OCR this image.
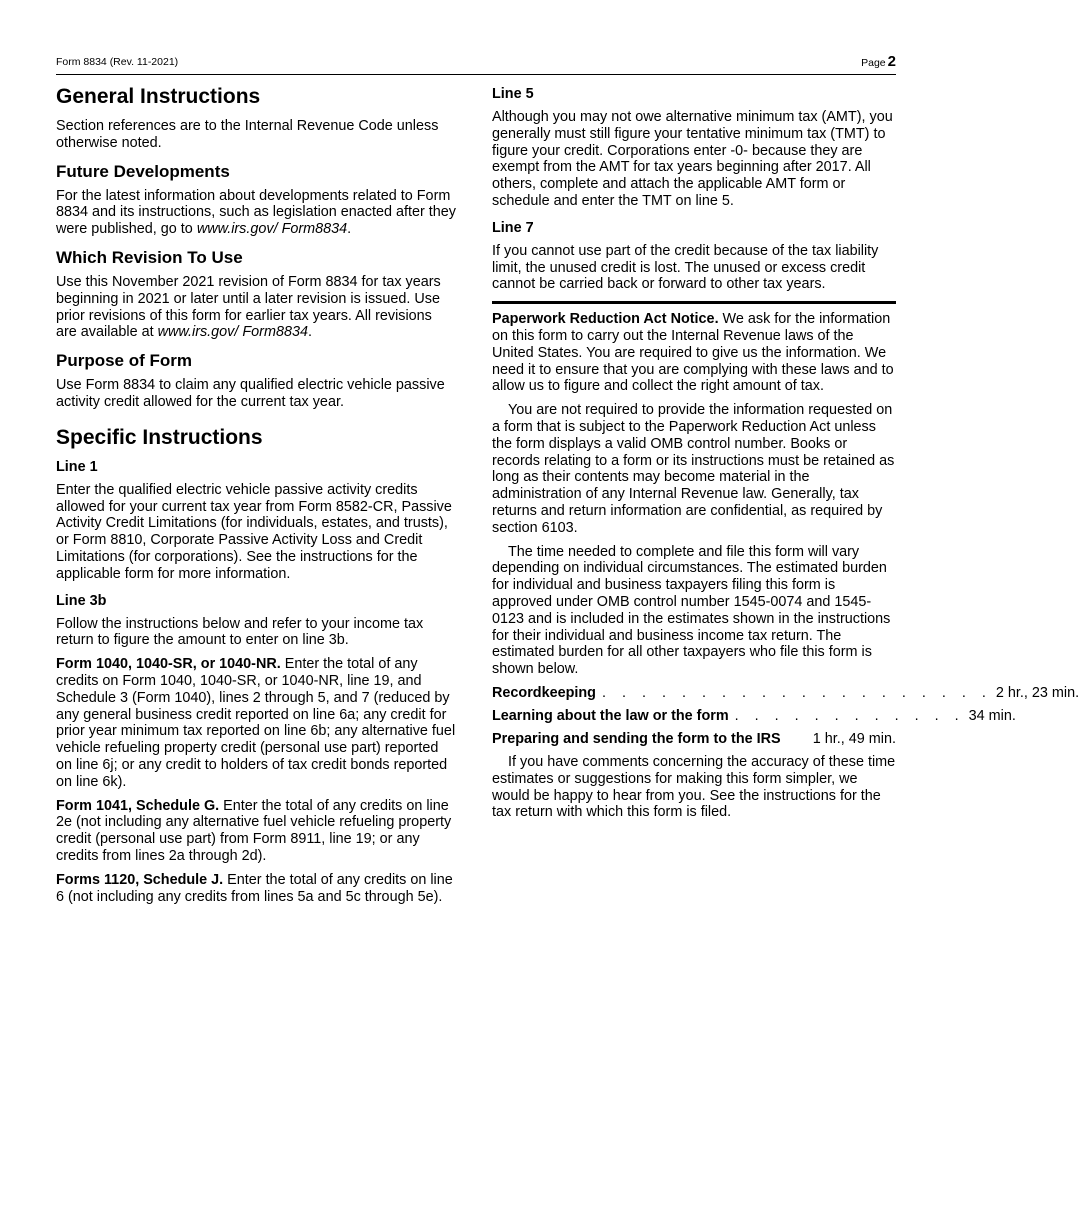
Form 8834 (Rev. 11-2021)	Page 2
General Instructions

Section references are to the Internal Revenue Code unless otherwise noted.

Future Developments

For the latest information about developments related to Form 8834 and its instructions, such as legislation enacted after they were published, go to www.irs.gov/ Form8834.

Which Revision To Use

Use this November 2021 revision of Form 8834 for tax years beginning in 2021 or later until a later revision is issued. Use prior revisions of this form for earlier tax years. All revisions are available at www.irs.gov/ Form8834.

Purpose of Form

Use Form 8834 to claim any qualified electric vehicle passive activity credit allowed for the current tax year.

Specific Instructions
Line 1

Enter the qualified electric vehicle passive activity credits allowed for your current tax year from Form 8582-CR, Passive Activity Credit Limitations (for individuals, estates, and trusts), or Form 8810, Corporate Passive Activity Loss and Credit Limitations (for corporations). See the instructions for the applicable form for more information.

Line 3b

Follow the instructions below and refer to your income tax return to figure the amount to enter on line 3b.

Form 1040, 1040-SR, or 1040-NR. Enter the total of any credits on Form 1040, 1040-SR, or 1040-NR, line 19, and Schedule 3 (Form 1040), lines 2 through 5, and 7 (reduced by any general business credit reported on line 6a; any credit for prior year minimum tax reported on line 6b; any alternative fuel vehicle refueling property credit (personal use part) reported on line 6j; or any credit to holders of tax credit bonds reported on line 6k).

Form 1041, Schedule G. Enter the total of any credits on line 2e (not including any alternative fuel vehicle refueling property credit (personal use part) from Form 8911, line 19; or any credits from lines 2a through 2d).

Forms 1120, Schedule J. Enter the total of any credits on line 6 (not including any credits from lines 5a and 5c through 5e).

Line 5

Although you may not owe alternative minimum tax (AMT), you generally must still figure your tentative minimum tax (TMT) to figure your credit. Corporations enter -0- because they are exempt from the AMT for tax years beginning after 2017. All others, complete and attach the applicable AMT form or schedule and enter the TMT on line 5.

Line 7

If you cannot use part of the credit because of the tax liability limit, the unused credit is lost. The unused or excess credit cannot be carried back or forward to other tax years.

Paperwork Reduction Act Notice. We ask for the information on this form to carry out the Internal Revenue laws of the United States. You are required to give us the information. We need it to ensure that you are complying with these laws and to allow us to figure and collect the right amount of tax.

You are not required to provide the information requested on a form that is subject to the Paperwork Reduction Act unless the form displays a valid OMB control number. Books or records relating to a form or its instructions must be retained as long as their contents may become material in the administration of any Internal Revenue law. Generally, tax returns and return information are confidential, as required by section 6103.

The time needed to complete and file this form will vary depending on individual circumstances. The estimated burden for individual and business taxpayers filing this form is approved under OMB control number 1545-0074 and 1545-0123 and is included in the estimates shown in the instructions for their individual and business income tax return. The estimated burden for all other taxpayers who file this form is shown below.

Recordkeeping . . . . . . . . . . . . . . . . . . . . 2 hr., 23 min.
Learning about the law or the form . . . . . . . . . . . . 34 min.
Preparing and sending the form to the IRS 1 hr., 49 min.

If you have comments concerning the accuracy of these time estimates or suggestions for making this form simpler, we would be happy to hear from you. See the instructions for the tax return with which this form is filed.
